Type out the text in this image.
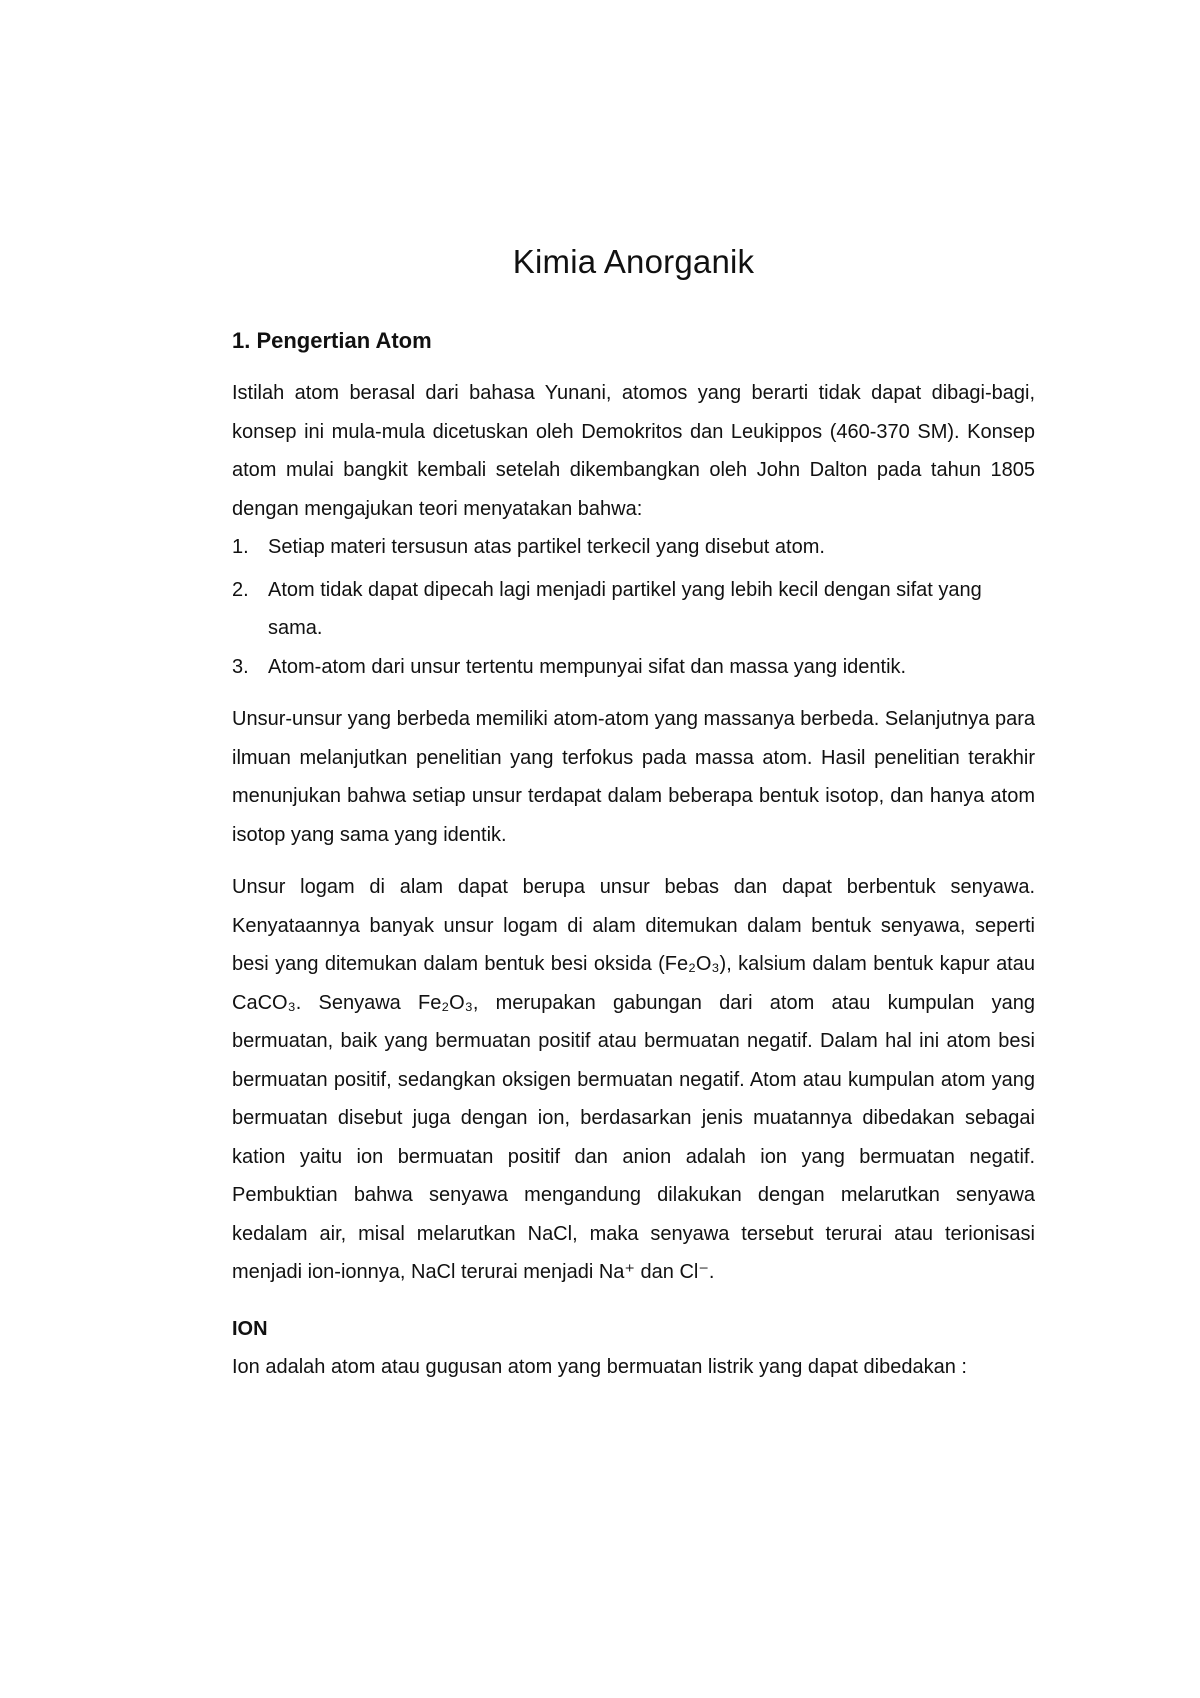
Kimia Anorganik
1. Pengertian Atom

Istilah atom berasal dari bahasa Yunani, atomos yang berarti tidak dapat dibagi-bagi, konsep ini mula-mula dicetuskan oleh Demokritos dan Leukippos (460-370 SM). Konsep atom mulai bangkit kembali setelah dikembangkan oleh John Dalton pada tahun 1805 dengan mengajukan teori menyatakan bahwa:

1. Setiap materi tersusun atas partikel terkecil yang disebut atom.
2. Atom tidak dapat dipecah lagi menjadi partikel yang lebih kecil dengan sifat yang sama.
3. Atom-atom dari unsur tertentu mempunyai sifat dan massa yang identik.

Unsur-unsur yang berbeda memiliki atom-atom yang massanya berbeda. Selanjutnya para ilmuan melanjutkan penelitian yang terfokus pada massa atom. Hasil penelitian terakhir menunjukan bahwa setiap unsur terdapat dalam beberapa bentuk isotop, dan hanya atom isotop yang sama yang identik.

Unsur logam di alam dapat berupa unsur bebas dan dapat berbentuk senyawa. Kenyataannya banyak unsur logam di alam ditemukan dalam bentuk senyawa, seperti besi yang ditemukan dalam bentuk besi oksida (Fe₂O₃), kalsium dalam bentuk kapur atau CaCO₃. Senyawa Fe₂O₃, merupakan gabungan dari atom atau kumpulan yang bermuatan, baik yang bermuatan positif atau bermuatan negatif. Dalam hal ini atom besi bermuatan positif, sedangkan oksigen bermuatan negatif. Atom atau kumpulan atom yang bermuatan disebut juga dengan ion, berdasarkan jenis muatannya dibedakan sebagai kation yaitu ion bermuatan positif dan anion adalah ion yang bermuatan negatif. Pembuktian bahwa senyawa mengandung dilakukan dengan melarutkan senyawa kedalam air, misal melarutkan NaCl, maka senyawa tersebut terurai atau terionisasi menjadi ion-ionnya, NaCl terurai menjadi Na⁺ dan Cl⁻.

ION

Ion adalah atom atau gugusan atom yang bermuatan listrik yang dapat dibedakan :
